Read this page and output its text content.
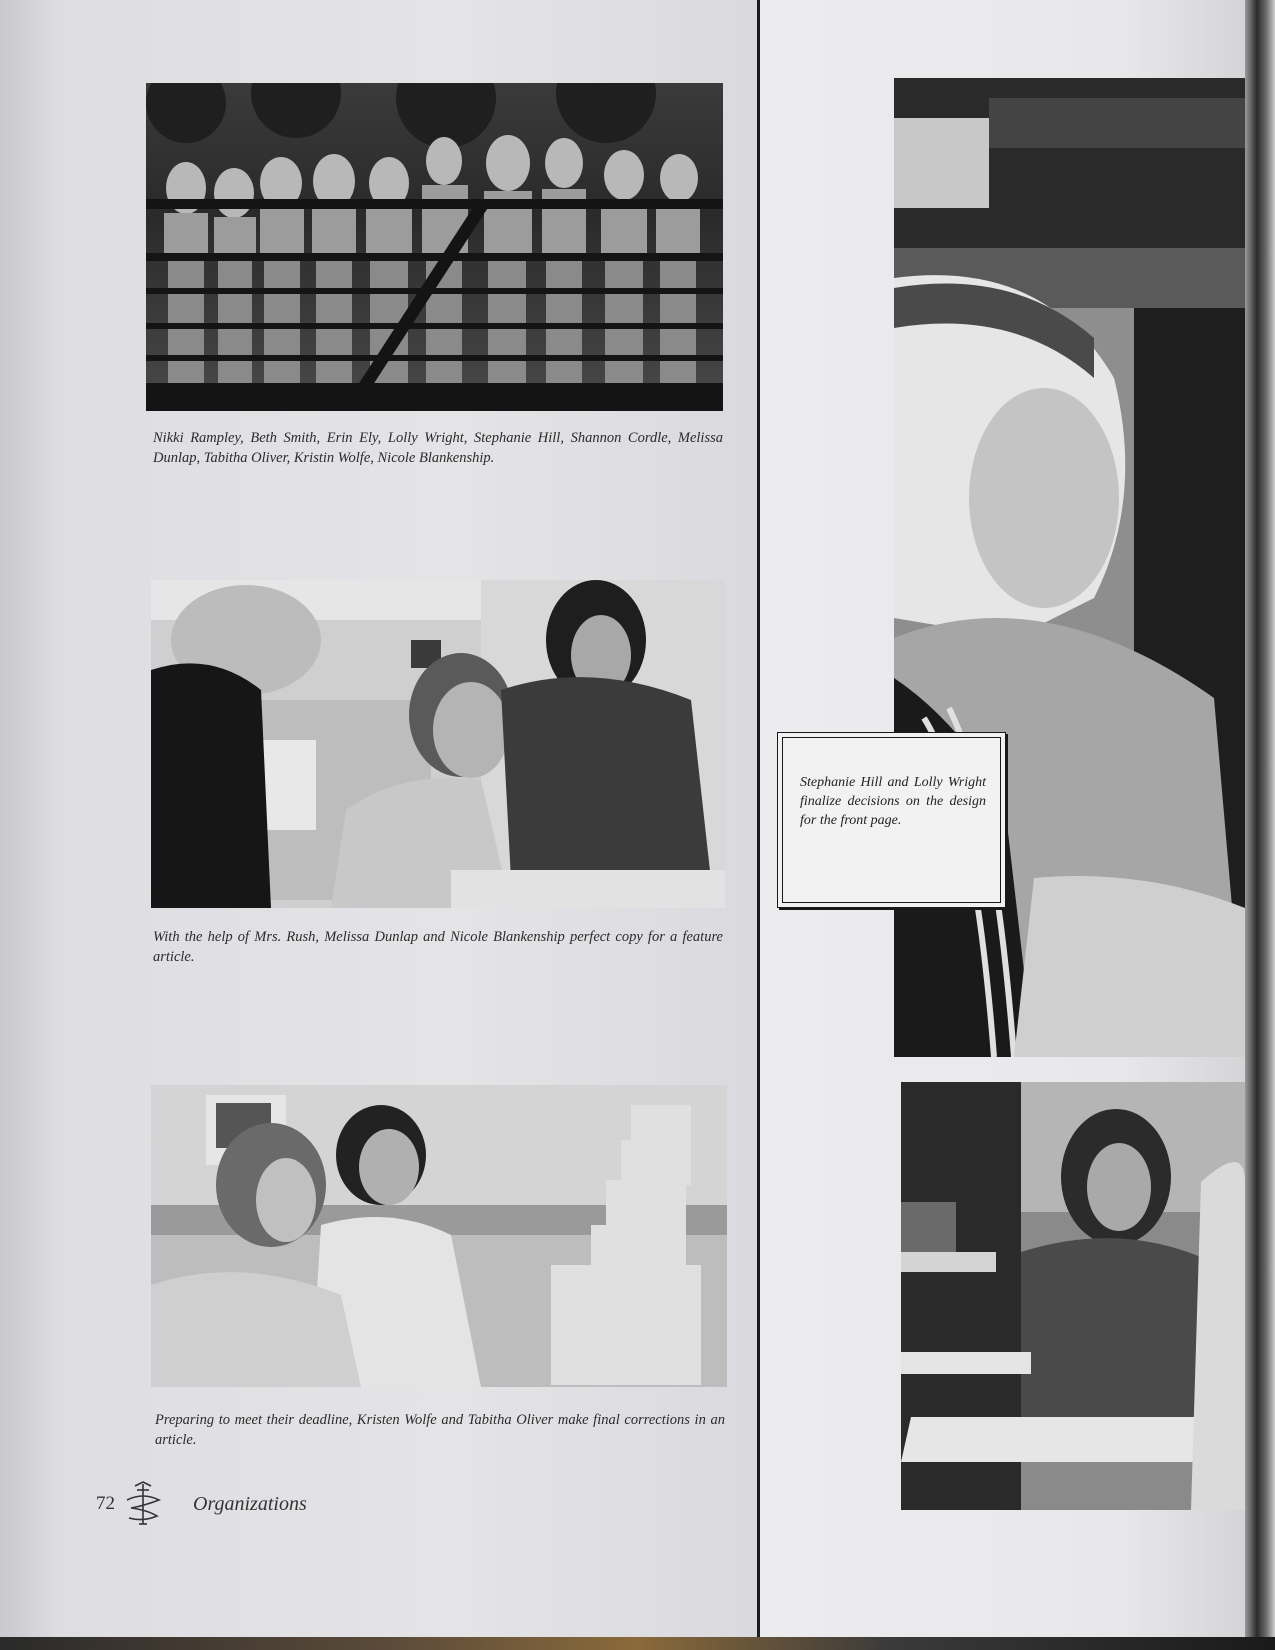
Nikki Rampley, Beth Smith, Erin Ely, Lolly Wright, Stephanie Hill, Shannon Cordle, Melissa Dunlap, Tabitha Oliver, Kristin Wolfe, Nicole Blankenship.

With the help of Mrs. Rush, Melissa Dunlap and Nicole Blankenship perfect copy for a feature article.

Preparing to meet their deadline, Kristen Wolfe and Tabitha Oliver make final corrections in an article.

Stephanie Hill and Lolly Wright finalize decisions on the design for the front page.

72	Organizations
